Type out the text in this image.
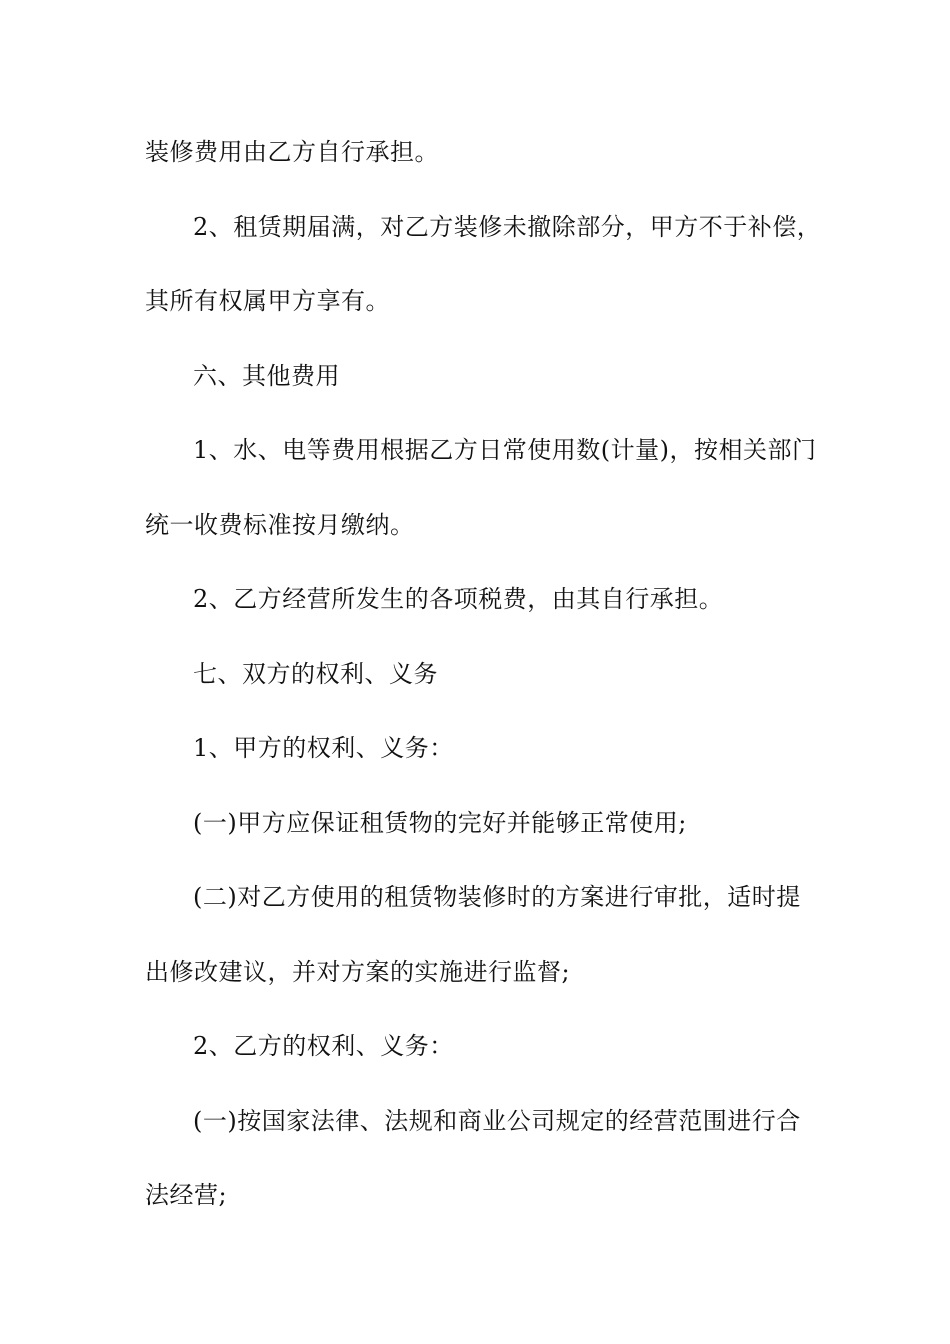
装修费用由乙方自行承担。
2、租赁期届满，对乙方装修未撤除部分，甲方不于补偿，
其所有权属甲方享有。
六、其他费用
1、水、电等费用根据乙方日常使用数(计量)，按相关部门
统一收费标准按月缴纳。
2、乙方经营所发生的各项税费，由其自行承担。
七、双方的权利、义务
1、甲方的权利、义务：
(一)甲方应保证租赁物的完好并能够正常使用;
(二)对乙方使用的租赁物装修时的方案进行审批，适时提
出修改建议，并对方案的实施进行监督;
2、乙方的权利、义务：
(一)按国家法律、法规和商业公司规定的经营范围进行合
法经营;
